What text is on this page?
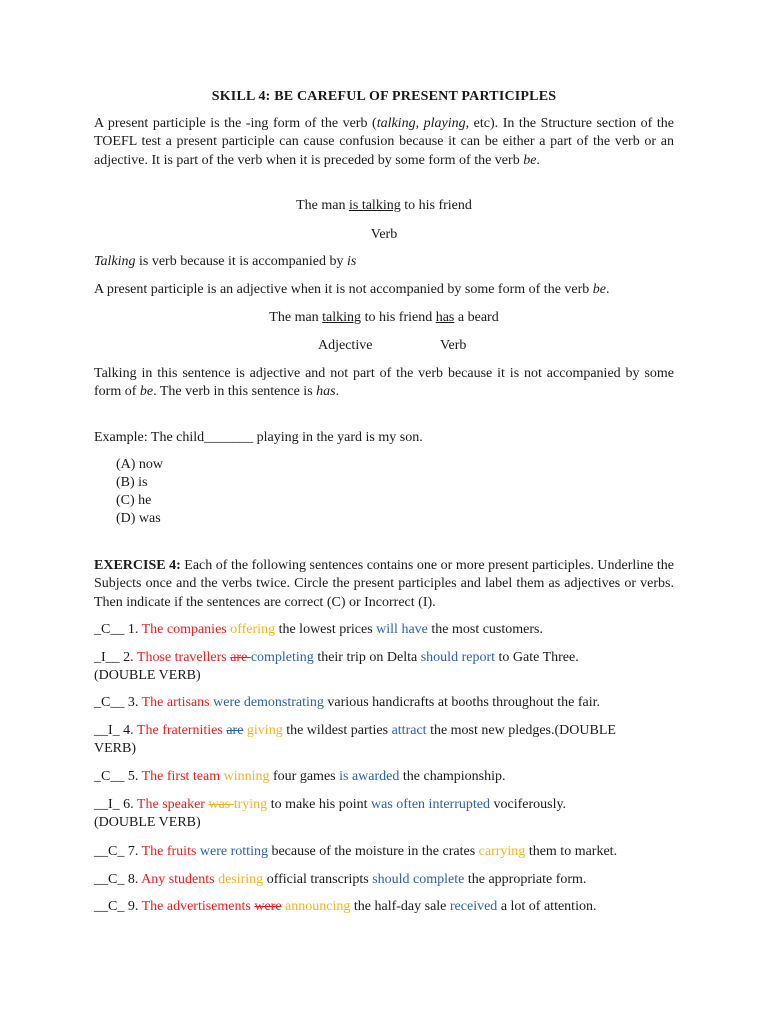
SKILL 4: BE CAREFUL OF PRESENT PARTICIPLES

A present participle is the -ing form of the verb (talking, playing, etc). In the Structure section of the TOEFL test a present participle can cause confusion because it can be either a part of the verb or an adjective. It is part of the verb when it is preceded by some form of the verb be.

The man is talking to his friend

Verb

Talking is verb because it is accompanied by is

A present participle is an adjective when it is not accompanied by some form of the verb be.

The man talking to his friend has a beard

Adjective	Verb

Talking in this sentence is adjective and not part of the verb because it is not accompanied by some form of be. The verb in this sentence is has.

Example: The child_______ playing in the yard is my son.

(A) now
(B) is
(C) he
(D) was

EXERCISE 4: Each of the following sentences contains one or more present participles. Underline the Subjects once and the verbs twice. Circle the present participles and label them as adjectives or verbs. Then indicate if the sentences are correct (C) or Incorrect (I).

_C__ 1. The companies offering the lowest prices will have the most customers.

_I__ 2. Those travellers are completing their trip on Delta should report to Gate Three.

(DOUBLE VERB)

_C__ 3. The artisans were demonstrating various handicrafts at booths throughout the fair.

__I_ 4. The fraternities are giving the wildest parties attract the most new pledges.(DOUBLE

VERB)

_C__ 5. The first team winning four games is awarded the championship.

__I_ 6. The speaker was trying to make his point was often interrupted vociferously.

(DOUBLE VERB)

__C_ 7. The fruits were rotting because of the moisture in the crates carrying them to market.

__C_ 8. Any students desiring official transcripts should complete the appropriate form.

__C_ 9. The advertisements were announcing the half-day sale received a lot of attention.
